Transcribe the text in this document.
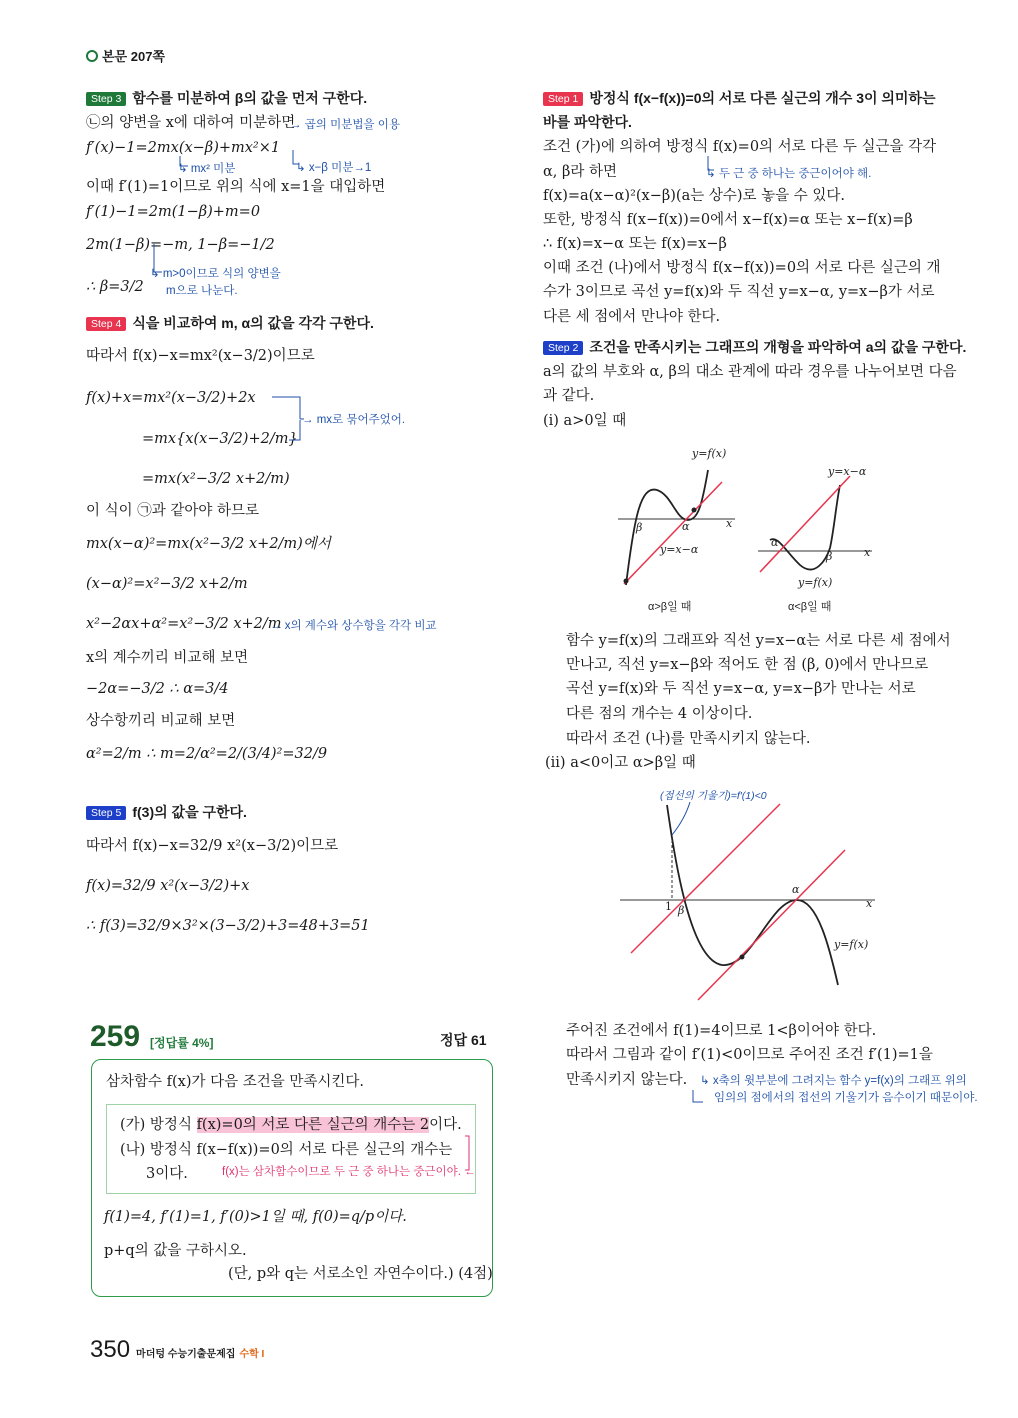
본문 207쪽
Step 3 함수를 미분하여 β의 값을 먼저 구한다.
㉡의 양변을 x에 대하여 미분하면
→ 곱의 미분법을 이용
f′(x)−1=2mx(x−β)+mx²×1
↳ mx² 미분	↳ x−β 미분→1
이때 f′(1)=1이므로 위의 식에 x=1을 대입하면
f′(1)−1=2m(1−β)+m=0
2m(1−β)=−m, 1−β=−1/2
↳ m>0이므로 식의 양변을
m으로 나눈다.
∴ β=3/2
Step 4 식을 비교하여 m, α의 값을 각각 구한다.
따라서 f(x)−x=mx²(x−3/2)이므로
f(x)+x=mx²(x−3/2)+2x
→ mx로 묶어주었어.
=mx{x(x−3/2)+2/m}
=mx(x²−3/2 x+2/m)
이 식이 ㉠과 같아야 하므로
mx(x−α)²=mx(x²−3/2 x+2/m)에서
(x−α)²=x²−3/2 x+2/m
x²−2αx+α²=x²−3/2 x+2/m
→ x의 계수와 상수항을 각각 비교
x의 계수끼리 비교해 보면
−2α=−3/2 ∴ α=3/4
상수항끼리 비교해 보면
α²=2/m ∴ m=2/α²=2/(3/4)²=32/9
Step 5 f(3)의 값을 구한다.
따라서 f(x)−x=32/9 x²(x−3/2)이므로
f(x)=32/9 x²(x−3/2)+x
∴ f(3)=32/9×3²×(3−3/2)+3=48+3=51
259 [정답률 4%]	정답 61
삼차함수 f(x)가 다음 조건을 만족시킨다.
(가) 방정식 f(x)=0의 서로 다른 실근의 개수는 2이다.
(나) 방정식 f(x−f(x))=0의 서로 다른 실근의 개수는
3이다.	f(x)는 삼차함수이므로 두 근 중 하나는 중근이야. ←
f(1)=4, f′(1)=1, f′(0)>1일 때, f(0)=q/p이다.
p+q의 값을 구하시오.
(단, p와 q는 서로소인 자연수이다.) (4점)
Step 1 방정식 f(x−f(x))=0의 서로 다른 실근의 개수 3이 의미하는
바를 파악한다.
조건 (가)에 의하여 방정식 f(x)=0의 서로 다른 두 실근을 각각
α, β라 하면	↳ 두 근 중 하나는 중근이어야 해.
f(x)=a(x−α)²(x−β)(a는 상수)로 놓을 수 있다.
또한, 방정식 f(x−f(x))=0에서 x−f(x)=α 또는 x−f(x)=β
∴ f(x)=x−α 또는 f(x)=x−β
이때 조건 (나)에서 방정식 f(x−f(x))=0의 서로 다른 실근의 개
수가 3이므로 곡선 y=f(x)와 두 직선 y=x−α, y=x−β가 서로
다른 세 점에서 만나야 한다.
Step 2 조건을 만족시키는 그래프의 개형을 파악하여 a의 값을 구한다.
a의 값의 부호와 α, β의 대소 관계에 따라 경우를 나누어보면 다음
과 같다.
(i) a>0일 때
y=f(x)
β	α	x
y=x−α
α>β일 때
y=x−α
α
β	x
y=f(x)
α<β일 때
(접선의 기울기)=f′(1)<0
1 β
α
x
y=f(x)
함수 y=f(x)의 그래프와 직선 y=x−α는 서로 다른 세 점에서
만나고, 직선 y=x−β와 적어도 한 점 (β, 0)에서 만나므로
곡선 y=f(x)와 두 직선 y=x−α, y=x−β가 만나는 서로
다른 점의 개수는 4 이상이다.
따라서 조건 (나)를 만족시키지 않는다.
(ii) a<0이고 α>β일 때
주어진 조건에서 f(1)=4이므로 1<β이어야 한다.
따라서 그림과 같이 f′(1)<0이므로 주어진 조건 f′(1)=1을
만족시키지 않는다. ↳ x축의 윗부분에 그려지는 함수 y=f(x)의 그래프 위의
임의의 점에서의 접선의 기울기가 음수이기 때문이야.
350 마더텅 수능기출문제집 수학 I
